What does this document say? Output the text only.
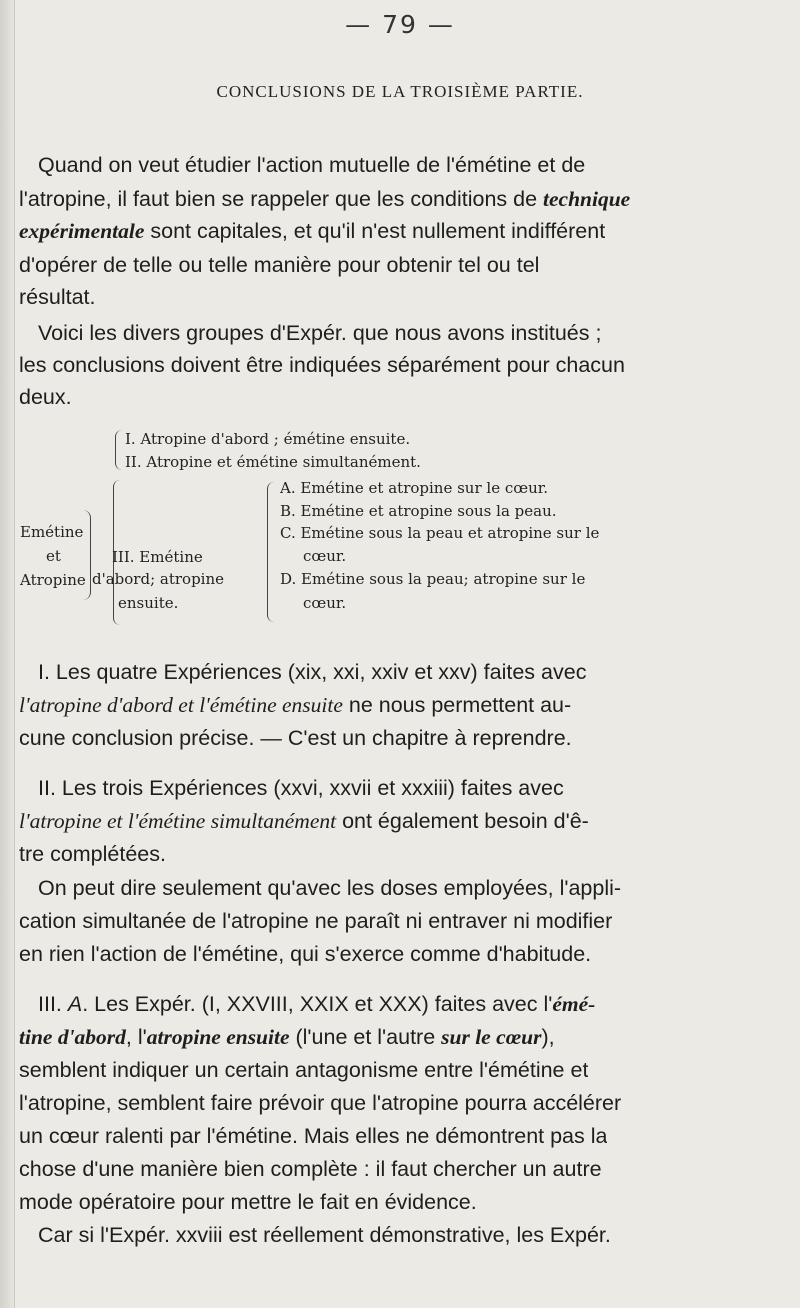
— 79 —
CONCLUSIONS DE LA TROISIÈME PARTIE.
Quand on veut étudier l'action mutuelle de l'émétine et de
l'atropine, il faut bien se rappeler que les conditions de technique
expérimentale sont capitales, et qu'il n'est nullement indifférent
d'opérer de telle ou telle manière pour obtenir tel ou tel
résultat.
Voici les divers groupes d'Expér. que nous avons institués ;
les conclusions doivent être indiquées séparément pour chacun
deux.
Emétine
et
Atropine
I. Atropine d'abord ; émétine ensuite.
II. Atropine et émétine simultanément.
III. Emétine
d'abord; atropine
ensuite.
A. Emétine et atropine sur le cœur.
B. Emétine et atropine sous la peau.
C. Emétine sous la peau et atropine sur le
cœur.
D. Emétine sous la peau; atropine sur le
cœur.
I. Les quatre Expériences (xix, xxi, xxiv et xxv) faites avec
l'atropine d'abord et l'émétine ensuite ne nous permettent au-
cune conclusion précise. — C'est un chapitre à reprendre.
II. Les trois Expériences (xxvi, xxvii et xxxiii) faites avec
l'atropine et l'émétine simultanément ont également besoin d'ê-
tre complétées.
On peut dire seulement qu'avec les doses employées, l'appli-
cation simultanée de l'atropine ne paraît ni entraver ni modifier
en rien l'action de l'émétine, qui s'exerce comme d'habitude.
III. A. Les Expér. (I, XXVIII, XXIX et XXX) faites avec l'émé-
tine d'abord, l'atropine ensuite (l'une et l'autre sur le cœur),
semblent indiquer un certain antagonisme entre l'émétine et
l'atropine, semblent faire prévoir que l'atropine pourra accélérer
un cœur ralenti par l'émétine. Mais elles ne démontrent pas la
chose d'une manière bien complète : il faut chercher un autre
mode opératoire pour mettre le fait en évidence.
Car si l'Expér. xxviii est réellement démonstrative, les Expér.
